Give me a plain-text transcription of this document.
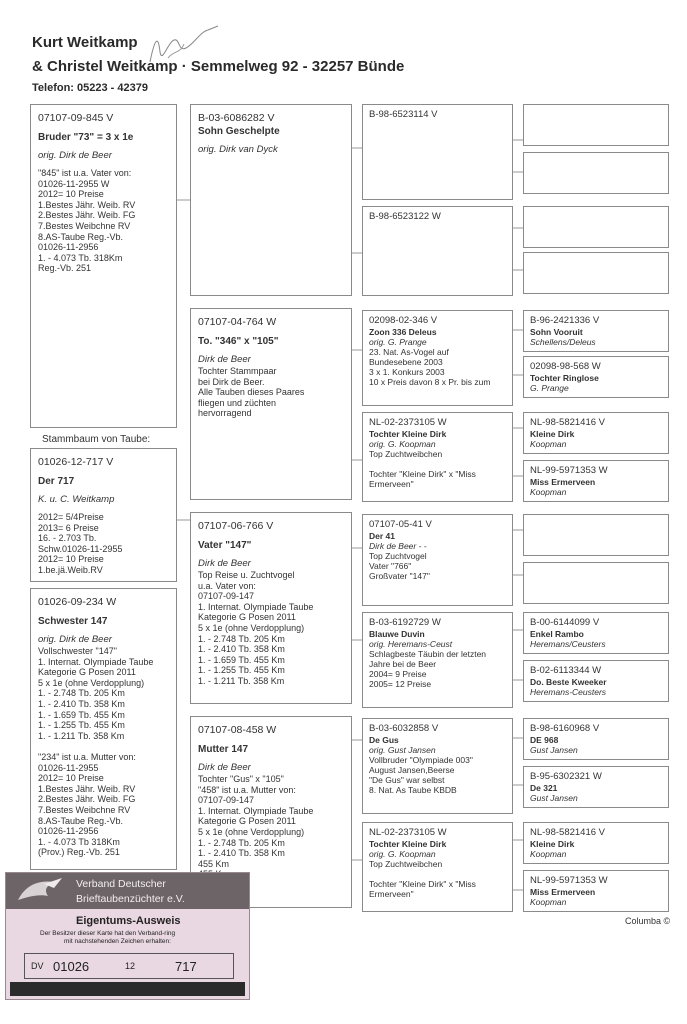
Kurt Weitkamp
& Christel Weitkamp · Semmelweg 92 - 32257 Bünde
Telefon: 05223 - 42379
07107-09-845 V
Bruder "73" = 3 x 1e
orig. Dirk de Beer
"845" ist u.a. Vater von:
01026-11-2955 W
2012= 10 Preise
1.Bestes Jähr. Weib. RV
2.Bestes Jähr. Weib. FG
7.Bestes Weibchne RV
8.AS-Taube Reg.-Vb.
01026-11-2956
1. - 4.073 Tb. 318Km
Reg.-Vb. 251
Stammbaum von Taube:
01026-12-717 V
Der 717
K. u. C. Weitkamp
2012= 5/4Preise
2013= 6 Preise
16. - 2.703 Tb.
Schw.01026-11-2955
2012= 10 Preise
1.be.jä.Weib.RV
01026-09-234 W
Schwester 147
orig. Dirk de Beer
Vollschwester "147"
1. Internat. Olympiade Taube
Kategorie G Posen 2011
5 x 1e (ohne Verdopplung)
1. - 2.748 Tb. 205 Km
1. - 2.410 Tb. 358 Km
1. - 1.659 Tb. 455 Km
1. - 1.255 Tb. 455 Km
1. - 1.211 Tb. 358 Km

"234" ist u.a. Mutter von:
01026-11-2955
2012= 10 Preise
1.Bestes Jähr. Weib. RV
2.Bestes Jähr. Weib. FG
7.Bestes Weibchne RV
8.AS-Taube Reg.-Vb.
01026-11-2956
1. - 4.073 Tb 318Km
(Prov.) Reg.-Vb. 251
B-03-6086282 V
Sohn Geschelpte
orig. Dirk van Dyck
07107-04-764 W
To. "346" x "105"
Dirk de Beer
Tochter Stammpaar
bei Dirk de Beer.
Alle Tauben dieses Paares
fliegen und züchten
hervorragend
07107-06-766 V
Vater "147"
Dirk de Beer
Top Reise u. Zuchtvogel
u.a. Vater von:
07107-09-147
1. Internat. Olympiade Taube
Kategorie G Posen 2011
5 x 1e (ohne Verdopplung)
1. - 2.748 Tb. 205 Km
1. - 2.410 Tb. 358 Km
1. - 1.659 Tb. 455 Km
1. - 1.255 Tb. 455 Km
1. - 1.211 Tb. 358 Km
07107-08-458 W
Mutter 147
Dirk de Beer
Tochter "Gus" x "105"
"458" ist u.a. Mutter von:
07107-09-147
1. Internat. Olympiade Taube
Kategorie G Posen 2011
5 x 1e (ohne Verdopplung)
1. - 2.748 Tb. 205 Km
1. - 2.410 Tb. 358 Km
455 Km
B-98-6523114 V
B-98-6523122 W
02098-02-346 V
Zoon 336 Deleus
orig. G. Prange
23. Nat. As-Vogel auf
Bundesebene 2003
3 x 1. Konkurs 2003
10 x Preis davon 8 x Pr. bis zum
NL-02-2373105 W
Tochter Kleine Dirk
orig. G. Koopman
Top Zuchtweibchen

Tochter "Kleine Dirk" x "Miss
Ermerveen"
07107-05-41 V
Der 41
Dirk de Beer - -
Top Zuchtvogel
Vater "766"
Großvater "147"
B-03-6192729 W
Blauwe Duvin
orig. Heremans-Ceust
Schlagbeste Täubin der letzten
Jahre bei de Beer
2004= 9 Preise
2005= 12 Preise
B-03-6032858 V
De Gus
orig. Gust Jansen
Vollbruder "Olympiade 003"
August Jansen,Beerse
"De Gus" war selbst
8. Nat. As Taube KBDB
NL-02-2373105 W
Tochter Kleine Dirk
orig. G. Koopman
Top Zuchtweibchen

Tochter "Kleine Dirk" x "Miss
Ermerveen"

B-96-2421336 V
Sohn Vooruit
Schellens/Deleus
02098-98-568 W
Tochter Ringlose
G. Prange
NL-98-5821416 V
Kleine Dirk
Koopman
NL-99-5971353 W
Miss Ermerveen
Koopman

B-00-6144099 V
Enkel Rambo
Heremans/Ceusters
B-02-6113344 W
Do. Beste Kweeker
Heremans-Ceusters
B-98-6160968 V
DE 968
Gust Jansen
B-95-6302321 W
De 321
Gust Jansen
NL-98-5821416 V
Kleine Dirk
Koopman
NL-99-5971353 W
Miss Ermerveen
Koopman
Columba ©
Verband Deutscher
Brieftaubenzüchter e.V.
Eigentums-Ausweis
Der Besitzer dieser Karte hat den Verband-ring
mit nachstehenden Zeichen erhalten:
DV 01026	12	717
